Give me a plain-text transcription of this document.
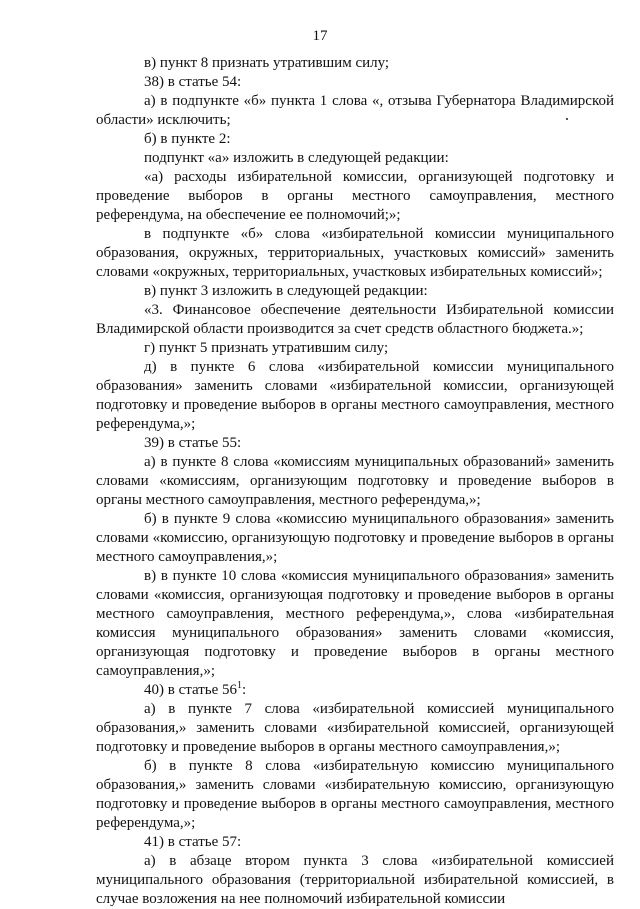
17

в) пункт 8 признать утратившим силу;

38) в статье 54:

а) в подпункте «б» пункта 1 слова «, отзыва Губернатора Владимирской области» исключить;

б) в пункте 2:

подпункт «а» изложить в следующей редакции:

«а) расходы избирательной комиссии, организующей подготовку и проведение выборов в органы местного самоуправления, местного референдума, на обеспечение ее полномочий;»;

в подпункте «б» слова «избирательной комиссии муниципального образования, окружных, территориальных, участковых комиссий» заменить словами «окружных, территориальных, участковых избирательных комиссий»;

в) пункт 3 изложить в следующей редакции:

«3. Финансовое обеспечение деятельности Избирательной комиссии Владимирской области производится за счет средств областного бюджета.»;

г) пункт 5 признать утратившим силу;

д) в пункте 6 слова «избирательной комиссии муниципального образования» заменить словами «избирательной комиссии, организующей подготовку и проведение выборов в органы местного самоуправления, местного референдума,»;

39) в статье 55:

а) в пункте 8 слова «комиссиям муниципальных образований» заменить словами «комиссиям, организующим подготовку и проведение выборов в органы местного самоуправления, местного референдума,»;

б) в пункте 9 слова «комиссию муниципального образования» заменить словами «комиссию, организующую подготовку и проведение выборов в органы местного самоуправления,»;

в) в пункте 10 слова «комиссия муниципального образования» заменить словами «комиссия, организующая подготовку и проведение выборов в органы местного самоуправления, местного референдума,», слова «избирательная комиссия муниципального образования» заменить словами «комиссия, организующая подготовку и проведение выборов в органы местного самоуправления,»;

40) в статье $56^1$:

а) в пункте 7 слова «избирательной комиссией муниципального образования,» заменить словами «избирательной комиссией, организующей подготовку и проведение выборов в органы местного самоуправления,»;

б) в пункте 8 слова «избирательную комиссию муниципального образования,» заменить словами «избирательную комиссию, организующую подготовку и проведение выборов в органы местного самоуправления, местного референдума,»;

41) в статье 57:

а) в абзаце втором пункта 3 слова «избирательной комиссией муниципального образования (территориальной избирательной комиссией, в случае возложения на нее полномочий избирательной комиссии
